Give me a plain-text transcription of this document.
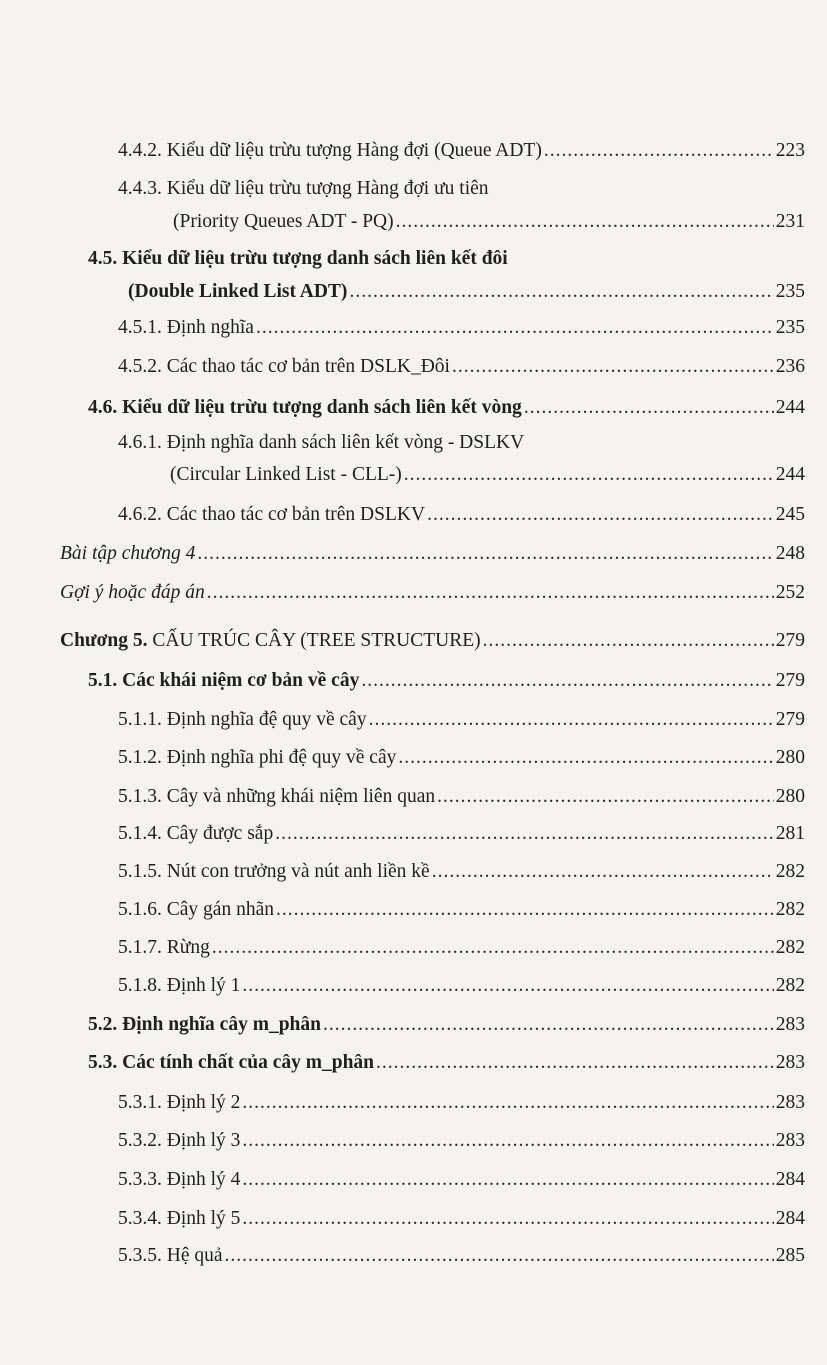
4.4.2. Kiểu dữ liệu trừu tượng Hàng đợi (Queue ADT) .....	223
4.4.3. Kiểu dữ liệu trừu tượng Hàng đợi ưu tiên
(Priority Queues ADT - PQ) .....	231
4.5. Kiểu dữ liệu trừu tượng danh sách liên kết đôi
(Double Linked List ADT) .....	235
4.5.1. Định nghĩa .....	235
4.5.2. Các thao tác cơ bản trên DSLK_Đôi .....	236
4.6. Kiểu dữ liệu trừu tượng danh sách liên kết vòng .....	244
4.6.1. Định nghĩa danh sách liên kết vòng - DSLKV
(Circular Linked List - CLL-) .....	244
4.6.2. Các thao tác cơ bản trên DSLKV .....	245
Bài tập chương 4 .....	248
Gợi ý hoặc đáp án .....	252
Chương 5. CẤU TRÚC CÂY (TREE STRUCTURE) .....	279
5.1. Các khái niệm cơ bản về cây .....	279
5.1.1. Định nghĩa đệ quy về cây .....	279
5.1.2. Định nghĩa phi đệ quy về cây .....	280
5.1.3. Cây và những khái niệm liên quan .....	280
5.1.4. Cây được sắp .....	281
5.1.5. Nút con trưởng và nút anh liền kề .....	282
5.1.6. Cây gán nhãn .....	282
5.1.7. Rừng .....	282
5.1.8. Định lý 1 .....	282
5.2. Định nghĩa cây m_phân .....	283
5.3. Các tính chất của cây m_phân .....	283
5.3.1. Định lý 2 .....	283
5.3.2. Định lý 3 .....	283
5.3.3. Định lý 4 .....	284
5.3.4. Định lý 5 .....	284
5.3.5. Hệ quả .....	285
